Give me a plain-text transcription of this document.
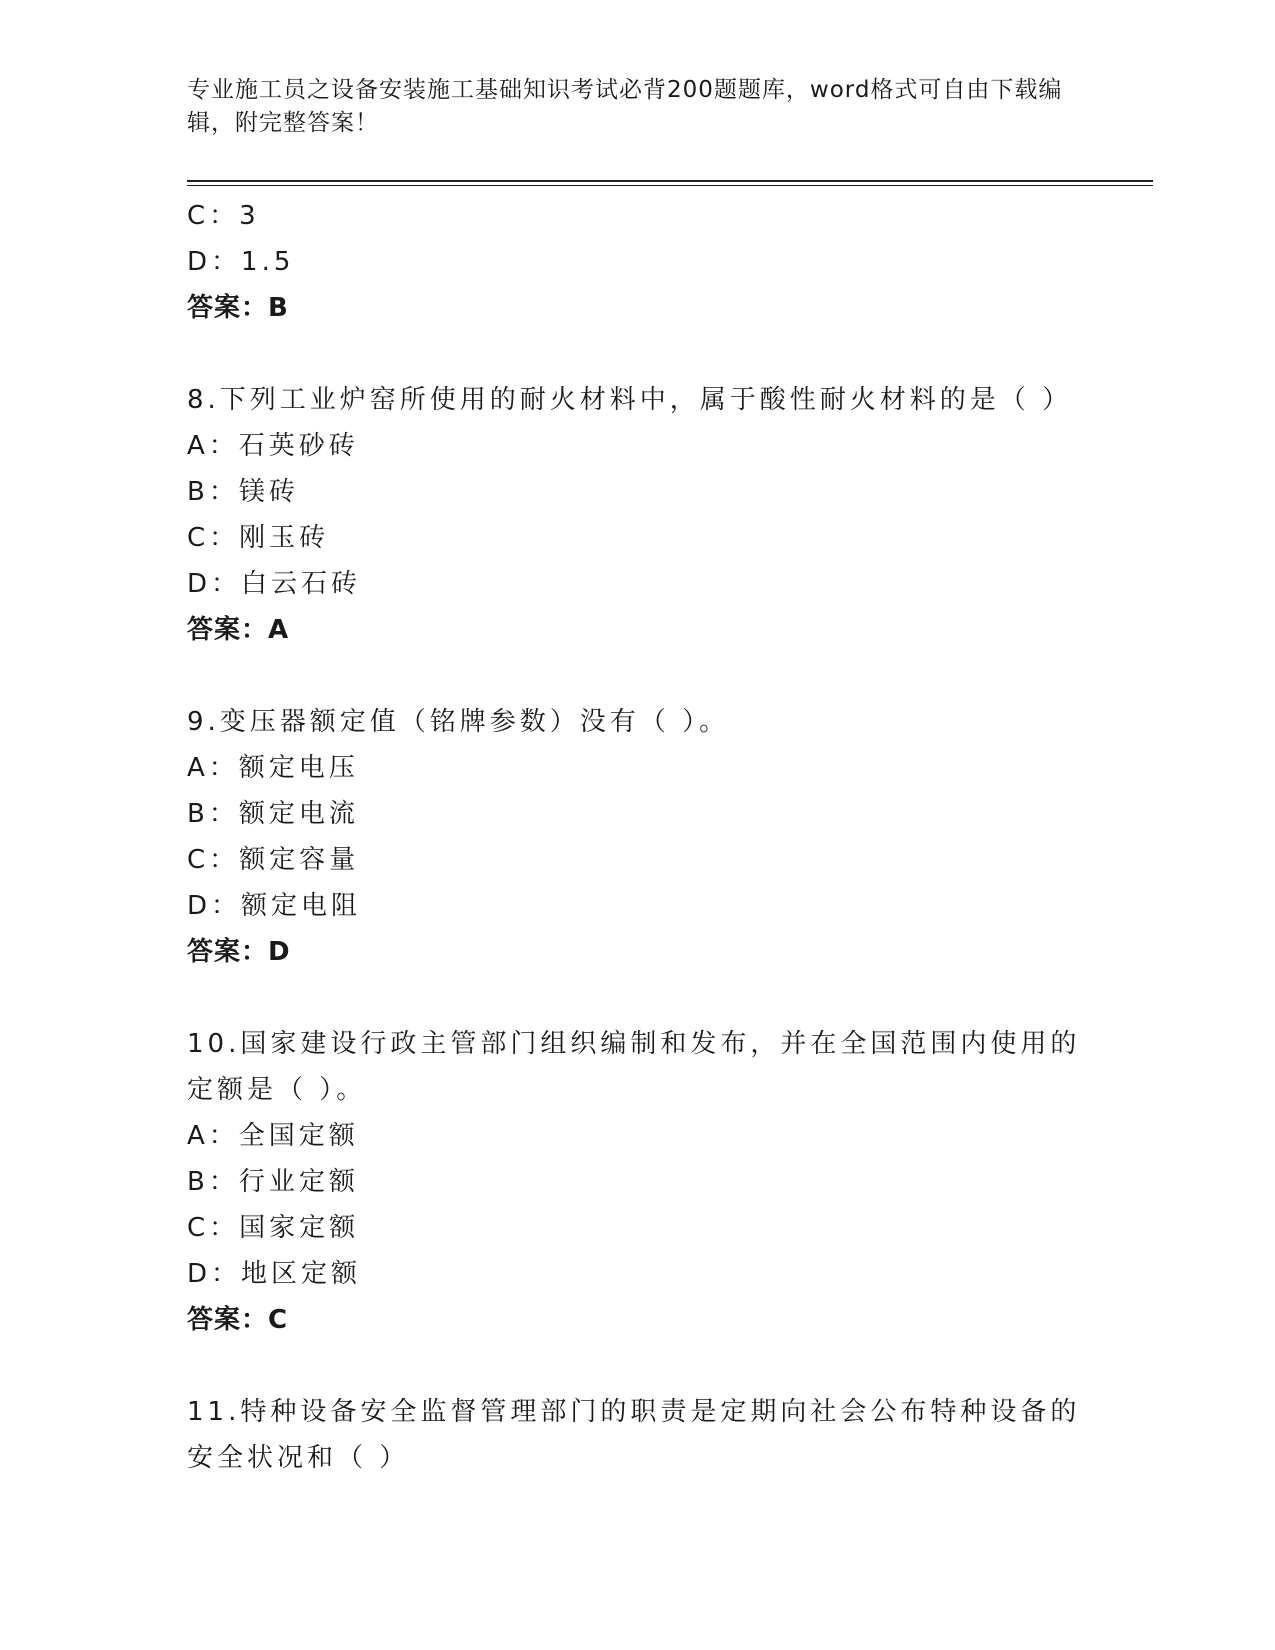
专业施工员之设备安装施工基础知识考试必背200题题库，word格式可自由下载编辑，附完整答案！
C：3
D：1.5
答案：B
8.下列工业炉窑所使用的耐火材料中，属于酸性耐火材料的是（ ）
A：石英砂砖
B：镁砖
C：刚玉砖
D：白云石砖
答案：A
9.变压器额定值（铭牌参数）没有（ ）。
A：额定电压
B：额定电流
C：额定容量
D：额定电阻
答案：D
10.国家建设行政主管部门组织编制和发布，并在全国范围内使用的定额是（ ）。
A：全国定额
B：行业定额
C：国家定额
D：地区定额
答案：C
11.特种设备安全监督管理部门的职责是定期向社会公布特种设备的安全状况和（ ）
